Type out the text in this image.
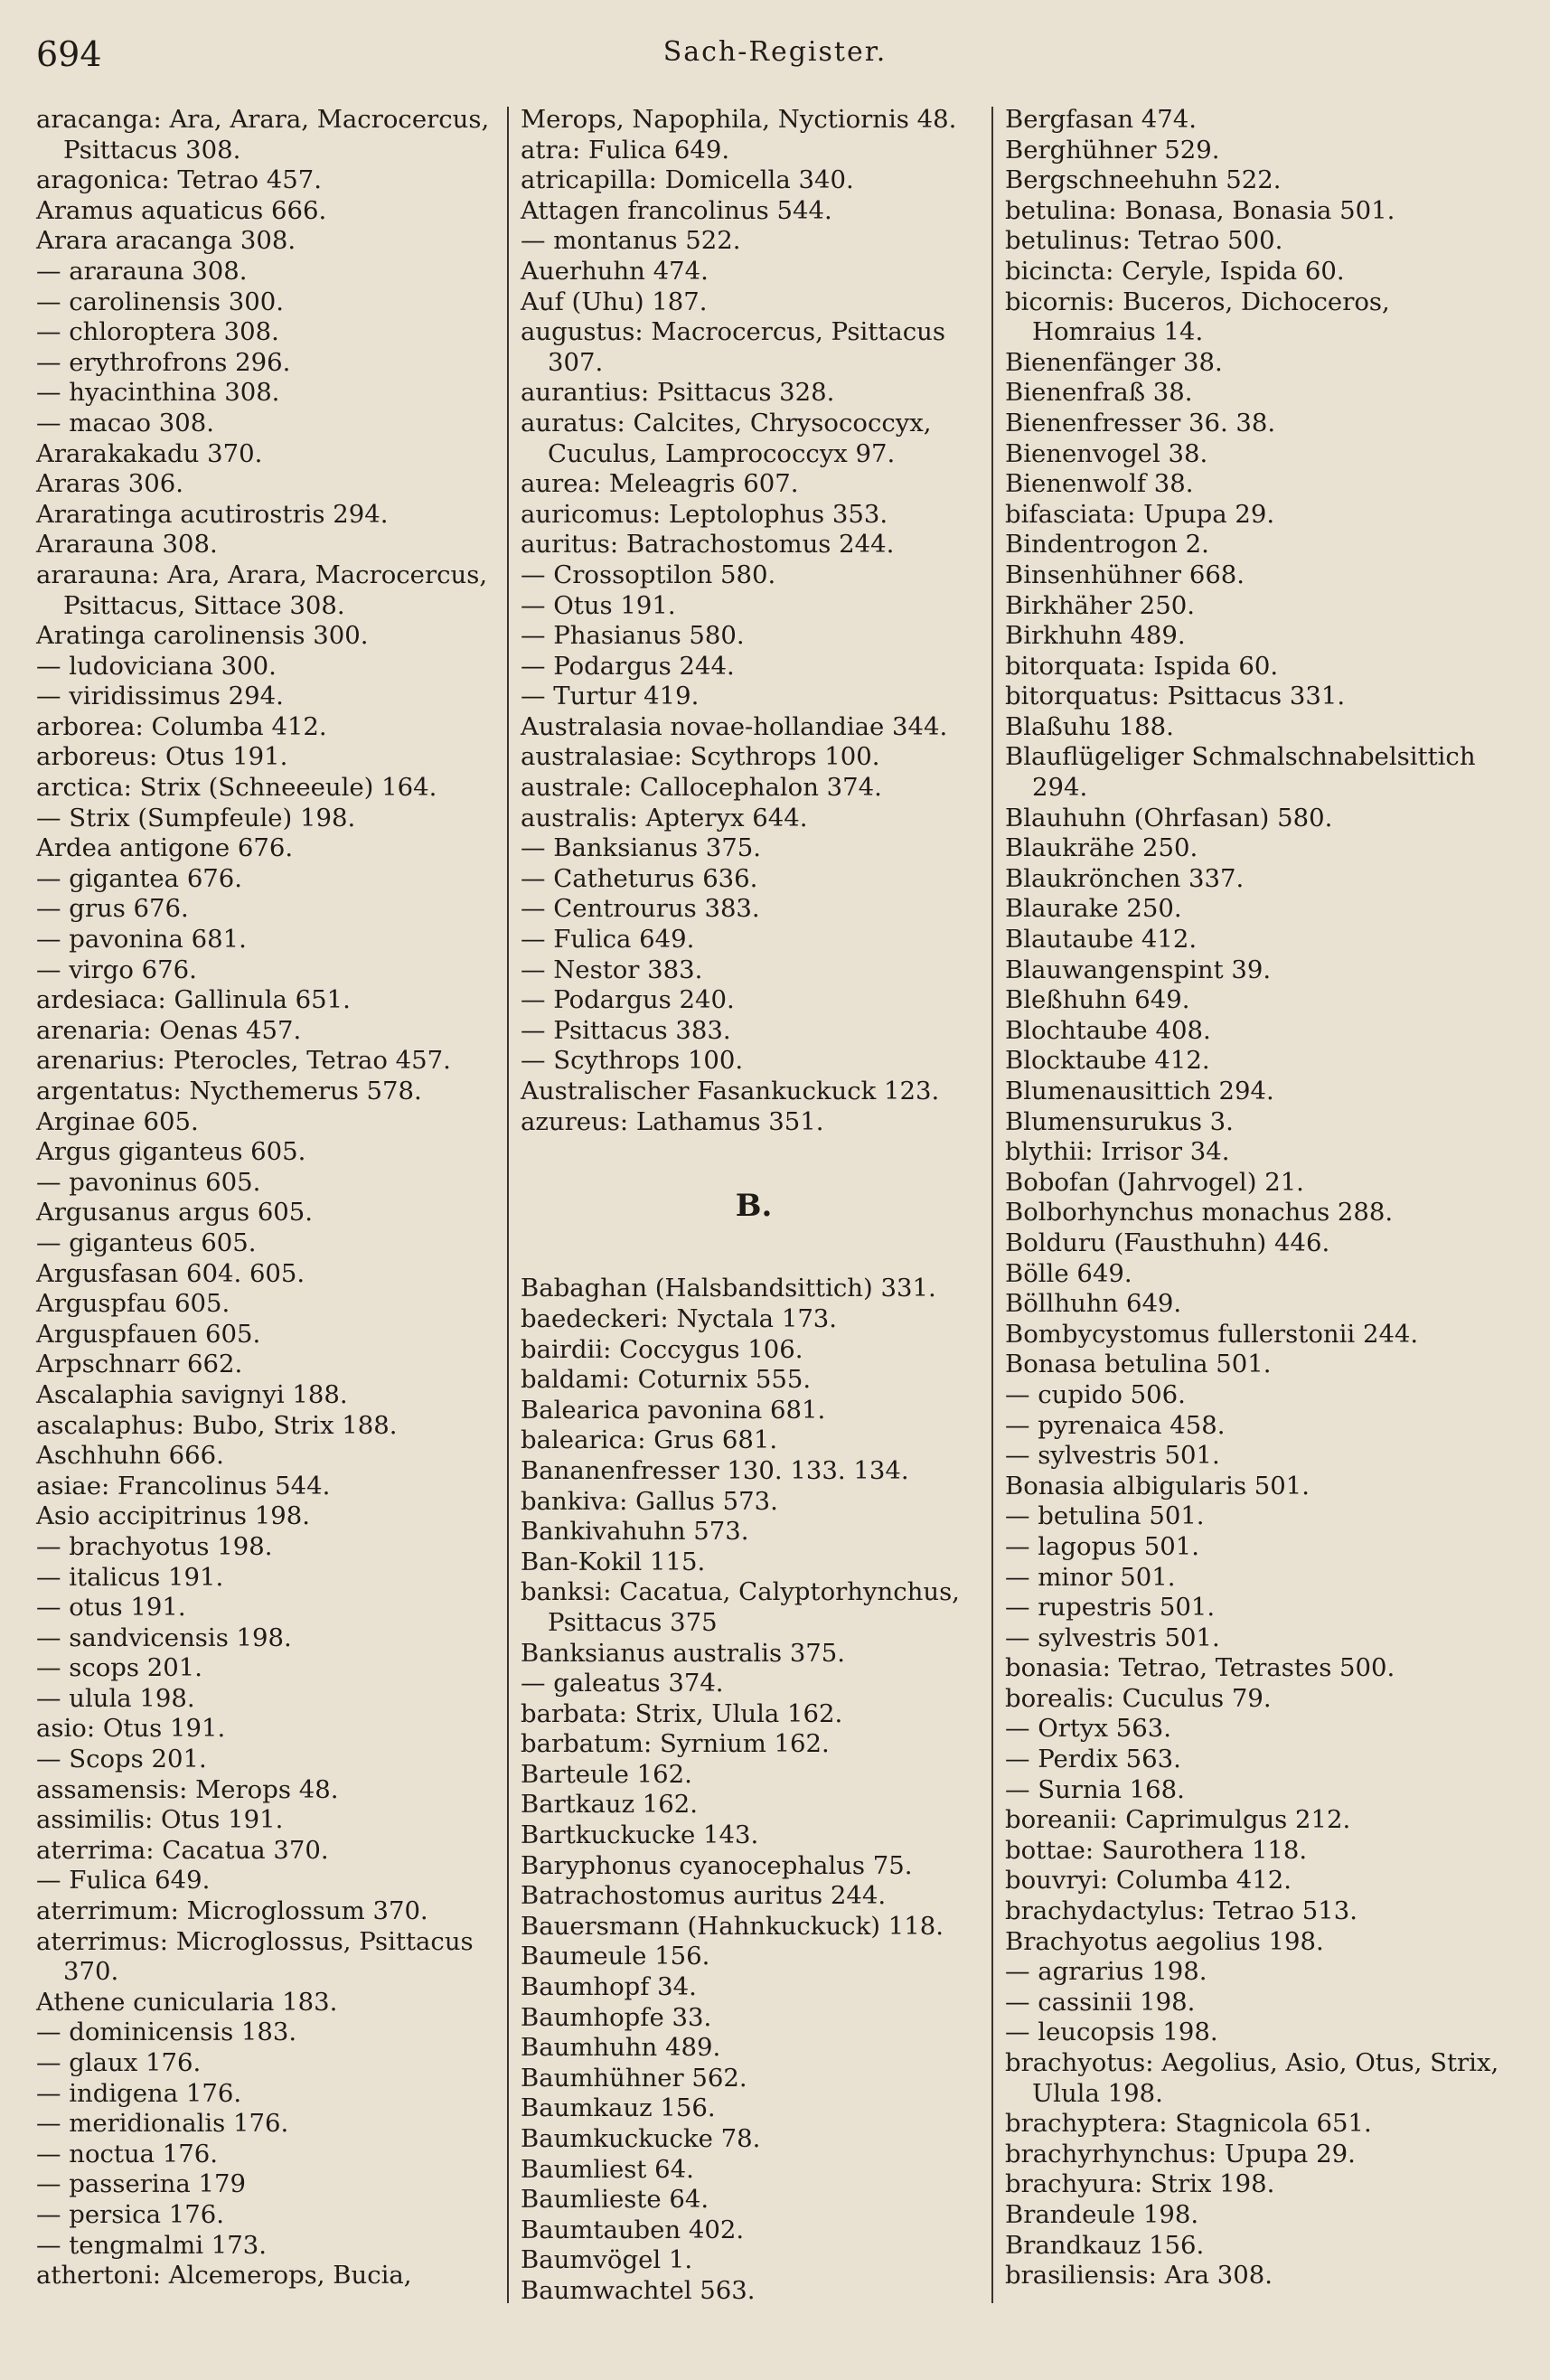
694	Sach-Register.
aracanga: Ara, Arara, Macrocercus, Psittacus 308.
aragonica: Tetrao 457.
Aramus aquaticus 666.
Arara aracanga 308.
— ararauna 308.
— carolinensis 300.
— chloroptera 308.
— erythrofrons 296.
— hyacinthina 308.
— macao 308.
Ararakakadu 370.
Araras 306.
Araratinga acutirostris 294.
Ararauna 308.
ararauna: Ara, Arara, Macrocercus, Psittacus, Sittace 308.
Aratinga carolinensis 300.
— ludoviciana 300.
— viridissimus 294.
arborea: Columba 412.
arboreus: Otus 191.
arctica: Strix (Schneeeule) 164.
— Strix (Sumpfeule) 198.
Ardea antigone 676.
— gigantea 676.
— grus 676.
— pavonina 681.
— virgo 676.
ardesiaca: Gallinula 651.
arenaria: Oenas 457.
arenarius: Pterocles, Tetrao 457.
argentatus: Nycthemerus 578.
Arginae 605.
Argus giganteus 605.
— pavoninus 605.
Argusanus argus 605.
— giganteus 605.
Argusfasan 604. 605.
Arguspfau 605.
Arguspfauen 605.
Arpschnarr 662.
Ascalaphia savignyi 188.
ascalaphus: Bubo, Strix 188.
Aschhuhn 666.
asiae: Francolinus 544.
Asio accipitrinus 198.
— brachyotus 198.
— italicus 191.
— otus 191.
— sandvicensis 198.
— scops 201.
— ulula 198.
asio: Otus 191.
— Scops 201.
assamensis: Merops 48.
assimilis: Otus 191.
aterrima: Cacatua 370.
— Fulica 649.
aterrimum: Microglossum 370.
aterrimus: Microglossus, Psittacus 370.
Athene cunicularia 183.
— dominicensis 183.
— glaux 176.
— indigena 176.
— meridionalis 176.
— noctua 176.
— passerina 179
— persica 176.
— tengmalmi 173.
athertoni: Alcemerops, Bucia,
Merops, Napophila, Nyctiornis 48.
atra: Fulica 649.
atricapilla: Domicella 340.
Attagen francolinus 544.
— montanus 522.
Auerhuhn 474.
Auf (Uhu) 187.
augustus: Macrocercus, Psittacus 307.
aurantius: Psittacus 328.
auratus: Calcites, Chrysococcyx, Cuculus, Lamprococcyx 97.
aurea: Meleagris 607.
auricomus: Leptolophus 353.
auritus: Batrachostomus 244.
— Crossoptilon 580.
— Otus 191.
— Phasianus 580.
— Podargus 244.
— Turtur 419.
Australasia novae-hollandiae 344.
australasiae: Scythrops 100.
australe: Callocephalon 374.
australis: Apteryx 644.
— Banksianus 375.
— Catheturus 636.
— Centrourus 383.
— Fulica 649.
— Nestor 383.
— Podargus 240.
— Psittacus 383.
— Scythrops 100.
Australischer Fasankuckuck 123.
azureus: Lathamus 351.
B.
Babaghan (Halsbandsittich) 331.
baedeckeri: Nyctala 173.
bairdii: Coccygus 106.
baldami: Coturnix 555.
Balearica pavonina 681.
balearica: Grus 681.
Bananenfresser 130. 133. 134.
bankiva: Gallus 573.
Bankivahuhn 573.
Ban-Kokil 115.
banksi: Cacatua, Calyptorhynchus, Psittacus 375
Banksianus australis 375.
— galeatus 374.
barbata: Strix, Ulula 162.
barbatum: Syrnium 162.
Barteule 162.
Bartkauz 162.
Bartkuckucke 143.
Baryphonus cyanocephalus 75.
Batrachostomus auritus 244.
Bauersmann (Hahnkuckuck) 118.
Baumeule 156.
Baumhopf 34.
Baumhopfe 33.
Baumhuhn 489.
Baumhühner 562.
Baumkauz 156.
Baumkuckucke 78.
Baumliest 64.
Baumlieste 64.
Baumtauben 402.
Baumvögel 1.
Baumwachtel 563.
Bergfasan 474.
Berghühner 529.
Bergschneehuhn 522.
betulina: Bonasa, Bonasia 501.
betulinus: Tetrao 500.
bicincta: Ceryle, Ispida 60.
bicornis: Buceros, Dichoceros, Homraius 14.
Bienenfänger 38.
Bienenfraß 38.
Bienenfresser 36. 38.
Bienenvogel 38.
Bienenwolf 38.
bifasciata: Upupa 29.
Bindentrogon 2.
Binsenhühner 668.
Birkhäher 250.
Birkhuhn 489.
bitorquata: Ispida 60.
bitorquatus: Psittacus 331.
Blaßuhu 188.
Blauflügeliger Schmalschnabelsittich 294.
Blauhuhn (Ohrfasan) 580.
Blaukrähe 250.
Blaukrönchen 337.
Blaurake 250.
Blautaube 412.
Blauwangenspint 39.
Bleßhuhn 649.
Blochtaube 408.
Blocktaube 412.
Blumenausittich 294.
Blumensurukus 3.
blythii: Irrisor 34.
Bobofan (Jahrvogel) 21.
Bolborhynchus monachus 288.
Bolduru (Fausthuhn) 446.
Bölle 649.
Böllhuhn 649.
Bombycystomus fullerstonii 244.
Bonasa betulina 501.
— cupido 506.
— pyrenaica 458.
— sylvestris 501.
Bonasia albigularis 501.
— betulina 501.
— lagopus 501.
— minor 501.
— rupestris 501.
— sylvestris 501.
bonasia: Tetrao, Tetrastes 500.
borealis: Cuculus 79.
— Ortyx 563.
— Perdix 563.
— Surnia 168.
boreanii: Caprimulgus 212.
bottae: Saurothera 118.
bouvryi: Columba 412.
brachydactylus: Tetrao 513.
Brachyotus aegolius 198.
— agrarius 198.
— cassinii 198.
— leucopsis 198.
brachyotus: Aegolius, Asio, Otus, Strix, Ulula 198.
brachyptera: Stagnicola 651.
brachyrhynchus: Upupa 29.
brachyura: Strix 198.
Brandeule 198.
Brandkauz 156.
brasiliensis: Ara 308.
